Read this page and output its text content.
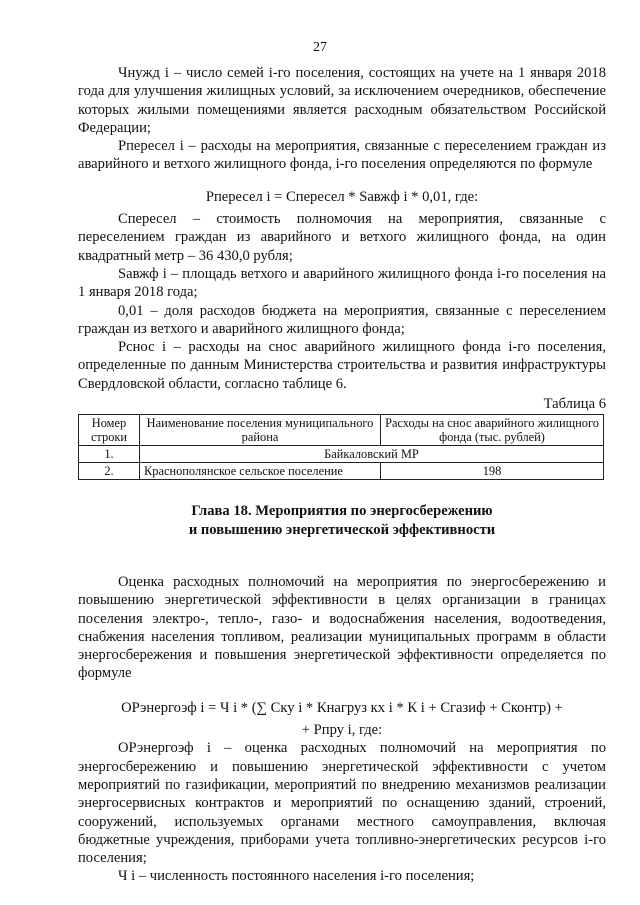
27

Чнужд i – число семей i-го поселения, состоящих на учете на 1 января 2018 года для улучшения жилищных условий, за исключением очередников, обеспечение которых жилыми помещениями является расходным обязательством Российской Федерации;

Рпересел i – расходы на мероприятия, связанные с переселением граждан из аварийного и ветхого жилищного фонда, i-го поселения определяются по формуле

Рпересел i = Спересел * Sавжф i * 0,01, где:

Спересел – стоимость полномочия на мероприятия, связанные с переселением граждан из аварийного и ветхого жилищного фонда, на один квадратный метр – 36 430,0 рубля;

Sавжф i – площадь ветхого и аварийного жилищного фонда i-го поселения на 1 января 2018 года;

0,01 – доля расходов бюджета на мероприятия, связанные с переселением граждан из ветхого и аварийного жилищного фонда;

Рснос i – расходы на снос аварийного жилищного фонда i-го поселения, определенные по данным Министерства строительства и развития инфраструктуры Свердловской области, согласно таблице 6.

Таблица 6
Номер строки	Наименование поселения муниципального района	Расходы на снос аварийного жилищного фонда (тыс. рублей)
1.	Байкаловский МР	
2.	Краснополянское сельское поселение	198
Глава 18. Мероприятия по энергосбережению
и повышению энергетической эффективности

Оценка расходных полномочий на мероприятия по энергосбережению и повышению энергетической эффективности в целях организации в границах поселения электро-, тепло-, газо- и водоснабжения населения, водоотведения, снабжения населения топливом, реализации муниципальных программ в области энергосбережения и повышения энергетической эффективности определяется по формуле

ОРэнергоэф i = Ч i * (∑ Cку i * Кнагруз кх i * К i + Cгазиф + Cконтр) +

+ Рпру i, где:

ОРэнергоэф i – оценка расходных полномочий на мероприятия по энергосбережению и повышению энергетической эффективности с учетом мероприятий по газификации, мероприятий по внедрению механизмов реализации энергосервисных контрактов и мероприятий по оснащению зданий, строений, сооружений, используемых органами местного самоуправления, включая бюджетные учреждения, приборами учета топливно-энергетических ресурсов i-го поселения;

Ч i – численность постоянного населения i-го поселения;
